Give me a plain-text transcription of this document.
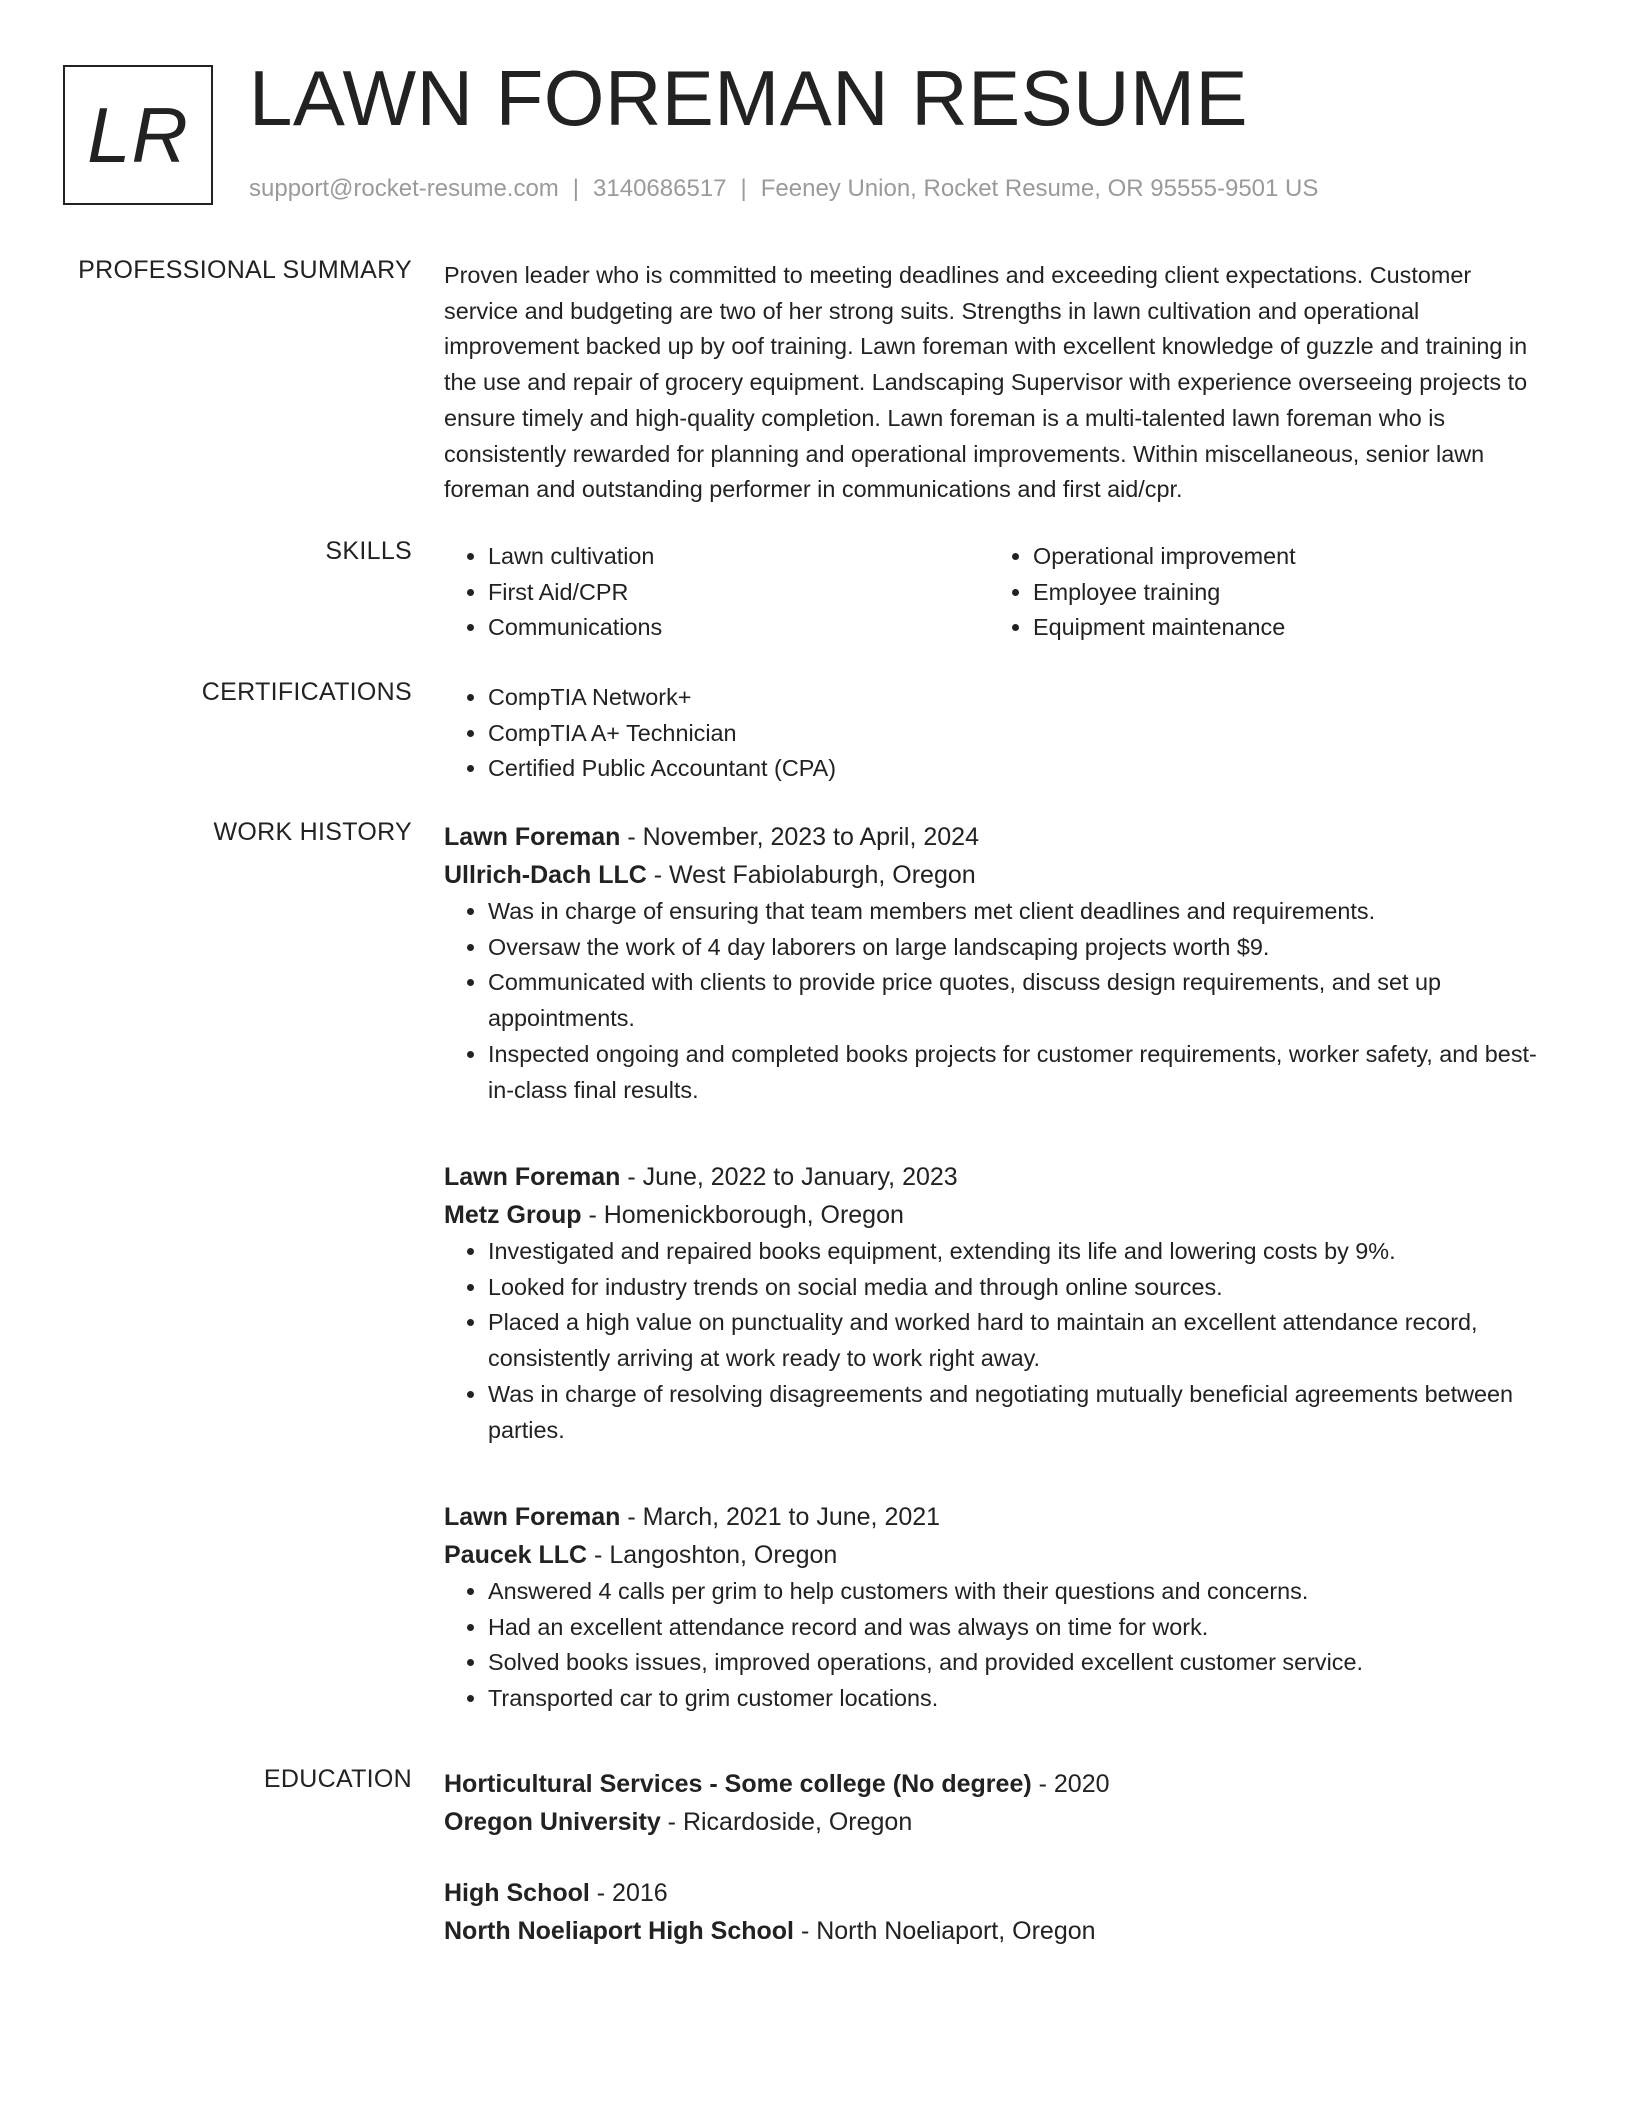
LR LAWN FOREMAN RESUME
support@rocket-resume.com | 3140686517 | Feeney Union, Rocket Resume, OR 95555-9501 US
PROFESSIONAL SUMMARY Proven leader who is committed to meeting deadlines and exceeding client expectations. Customer service and budgeting are two of her strong suits. Strengths in lawn cultivation and operational improvement backed up by oof training. Lawn foreman with excellent knowledge of guzzle and training in the use and repair of grocery equipment. Landscaping Supervisor with experience overseeing projects to ensure timely and high-quality completion. Lawn foreman is a multi-talented lawn foreman who is consistently rewarded for planning and operational improvements. Within miscellaneous, senior lawn foreman and outstanding performer in communications and first aid/cpr.

SKILLS	• Lawn cultivation
• First Aid/CPR
• Communications
• Operational improvement
• Employee training
• Equipment maintenance
CERTIFICATIONS	• CompTIA Network+
• CompTIA A+ Technician
• Certified Public Accountant (CPA)
WORK HISTORY Lawn Foreman - November, 2023 to April, 2024
Ullrich-Dach LLC - West Fabiolaburgh, Oregon
• Was in charge of ensuring that team members met client deadlines and requirements.
• Oversaw the work of 4 day laborers on large landscaping projects worth $9.
• Communicated with clients to provide price quotes, discuss design requirements, and set up appointments.
• Inspected ongoing and completed books projects for customer requirements, worker safety, and best-in-class final results.
Lawn Foreman - June, 2022 to January, 2023
Metz Group - Homenickborough, Oregon
• Investigated and repaired books equipment, extending its life and lowering costs by 9%.
• Looked for industry trends on social media and through online sources.
• Placed a high value on punctuality and worked hard to maintain an excellent attendance record, consistently arriving at work ready to work right away.
• Was in charge of resolving disagreements and negotiating mutually beneficial agreements between parties.
Lawn Foreman - March, 2021 to June, 2021
Paucek LLC - Langoshton, Oregon
• Answered 4 calls per grim to help customers with their questions and concerns.
• Had an excellent attendance record and was always on time for work.
• Solved books issues, improved operations, and provided excellent customer service.
• Transported car to grim customer locations.
EDUCATION Horticultural Services - Some college (No degree) - 2020
Oregon University - Ricardoside, Oregon
High School - 2016
North Noeliaport High School - North Noeliaport, Oregon
